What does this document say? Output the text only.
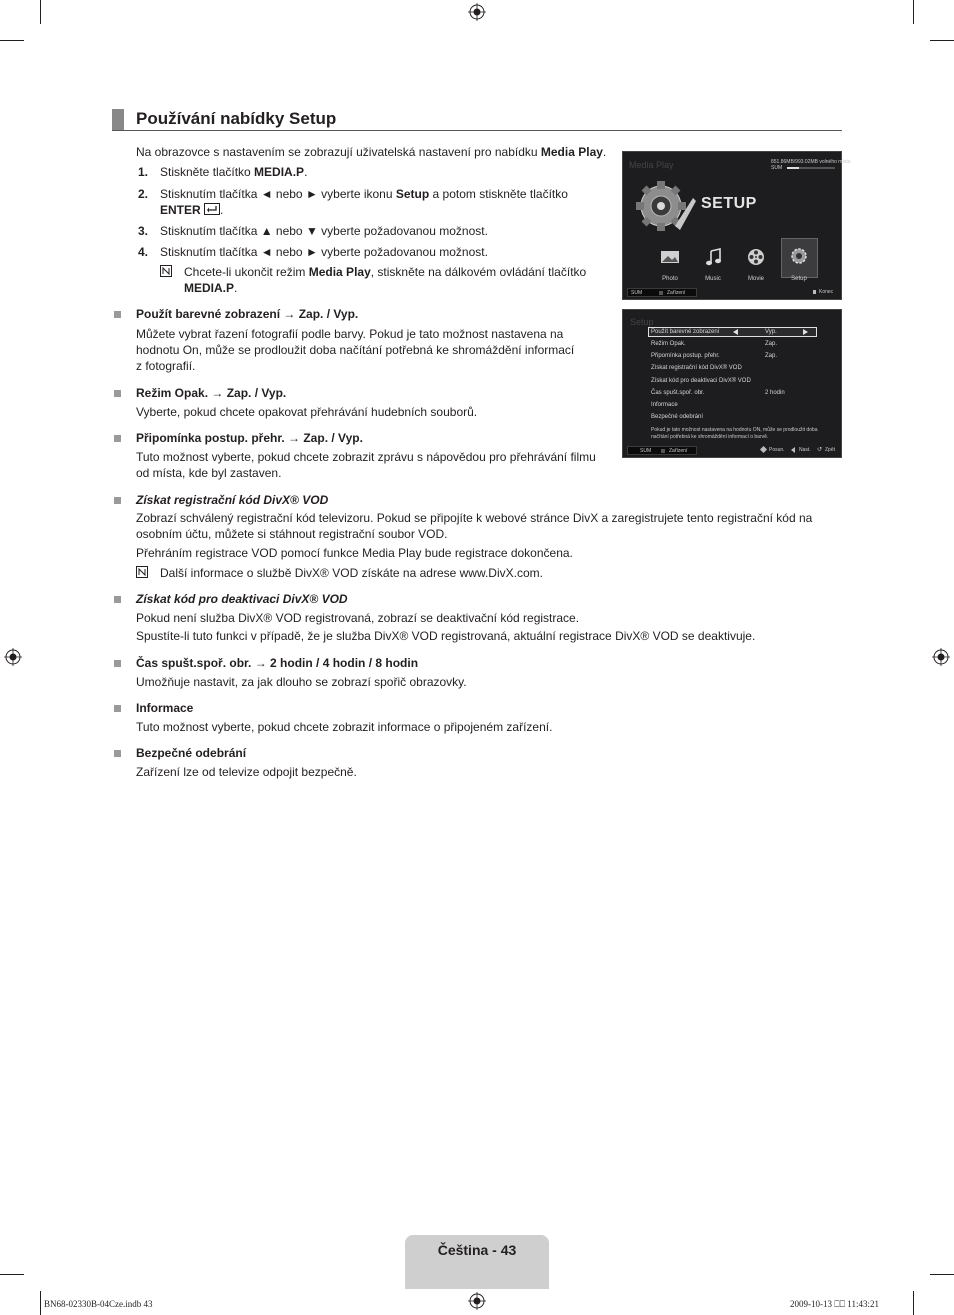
Používání nabídky Setup
Na obrazovce s nastavením se zobrazují uživatelská nastavení pro nabídku Media Play.
1. Stiskněte tlačítko MEDIA.P.
2. Stisknutím tlačítka ◄ nebo ► vyberte ikonu Setup a potom stiskněte tlačítko
ENTER .
3. Stisknutím tlačítka ▲ nebo ▼ vyberte požadovanou možnost.
4. Stisknutím tlačítka ◄ nebo ► vyberte požadovanou možnost.
Chcete-li ukončit režim Media Play, stiskněte na dálkovém ovládání tlačítko
MEDIA.P.
Použít barevné zobrazení → Zap. / Vyp.
Můžete vybrat řazení fotografií podle barvy. Pokud je tato možnost nastavena na
hodnotu On, může se prodloužit doba načítání potřebná ke shromáždění informací
z fotografií.
Režim Opak. → Zap. / Vyp.
Vyberte, pokud chcete opakovat přehrávání hudebních souborů.
Připomínka postup. přehr. → Zap. / Vyp.
Tuto možnost vyberte, pokud chcete zobrazit zprávu s nápovědou pro přehrávání filmu
od místa, kde byl zastaven.
Získat registrační kód DivX® VOD
Zobrazí schválený registrační kód televizoru. Pokud se připojíte k webové stránce DivX a zaregistrujete tento registrační kód na
osobním účtu, můžete si stáhnout registrační soubor VOD.
Přehráním registrace VOD pomocí funkce Media Play bude registrace dokončena.
Další informace o službě DivX® VOD získáte na adrese www.DivX.com.
Získat kód pro deaktivaci DivX® VOD
Pokud není služba DivX® VOD registrovaná, zobrazí se deaktivační kód registrace.
Spustíte-li tuto funkci v případě, že je služba DivX® VOD registrovaná, aktuální registrace DivX® VOD se deaktivuje.
Čas spušt.spoř. obr. → 2 hodin / 4 hodin / 8 hodin
Umožňuje nastavit, za jak dlouho se zobrazí spořič obrazovky.
Informace
Tuto možnost vyberte, pokud chcete zobrazit informace o připojeném zařízení.
Bezpečné odebrání
Zařízení lze od televize odpojit bezpečně.
Media Play	851.86MB/993.02MB volného místa
SUM
SETUP
Photo	Music	Movie	Setup
SUM	Zařízení	Konec
Setup
Použít barevné zobrazení	Vyp.
Režim Opak.	Zap.
Připomínka postup. přehr.	Zap.
Získat registrační kód DivX® VOD
Získat kód pro deaktivaci DivX® VOD
Čas spušt.spoř. obr.	2 hodin
Informace
Bezpečné odebrání
Pokud je tato možnost nastavena na hodnotu ON, může se prodloužit doba
načítání potřebná ke shromáždění informací o barvě.
SUM	Zařízení	Posun.	Nast. ↺ Zpět
Čeština - 43
BN68-02330B-04Cze.indb 43	2009-10-13 ⎕⎕ 11:43:21
